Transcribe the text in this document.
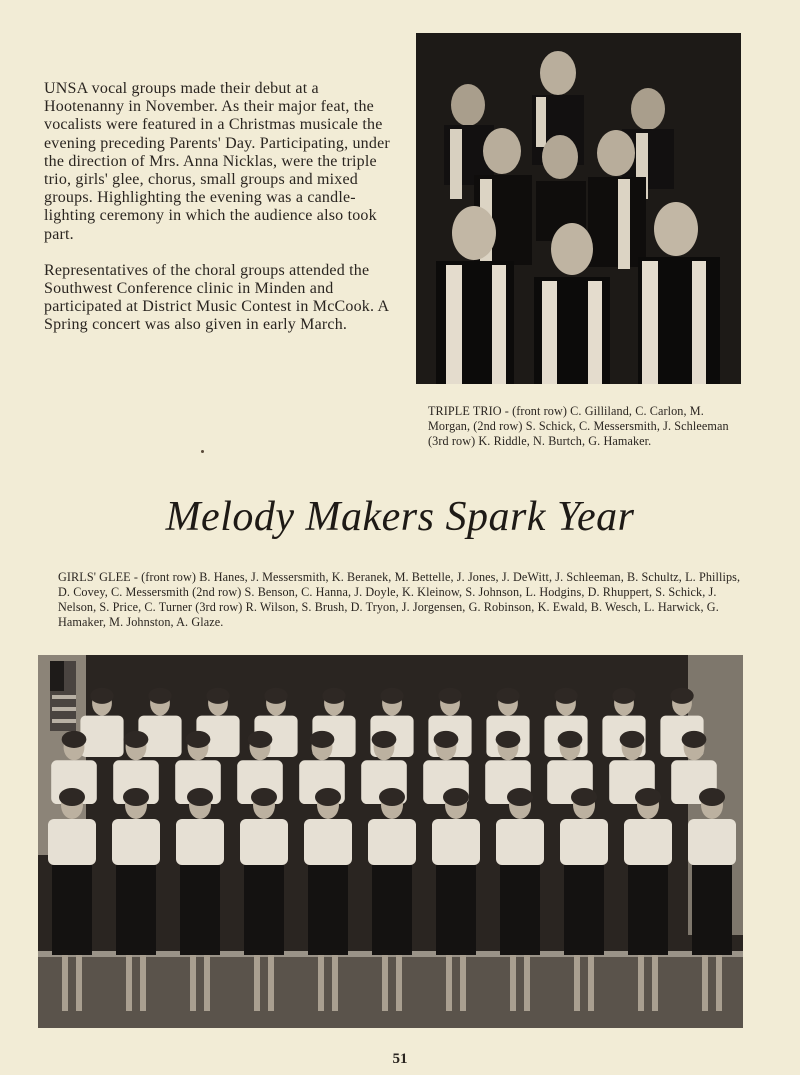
UNSA vocal groups made their debut at a Hootenanny in November. As their major feat, the vocalists were featured in a Christmas musicale the evening preceding Parents' Day. Participating, under the direction of Mrs. Anna Nicklas, were the triple trio, girls' glee, chorus, small groups and mixed groups. Highlighting the evening was a candle-lighting ceremony in which the audience also took part.

Representatives of the choral groups attended the Southwest Conference clinic in Minden and participated at District Music Contest in McCook. A Spring concert was also given in early March.

TRIPLE TRIO - (front row) C. Gilliland, C. Carlon, M. Morgan, (2nd row) S. Schick, C. Messersmith, J. Schleeman (3rd row) K. Riddle, N. Burtch, G. Hamaker.
Melody Makers Spark Year
GIRLS' GLEE - (front row) B. Hanes, J. Messersmith, K. Beranek, M. Bettelle, J. Jones, J. DeWitt, J. Schleeman, B. Schultz, L. Phillips, D. Covey, C. Messersmith (2nd row) S. Benson, C. Hanna, J. Doyle, K. Kleinow, S. Johnson, L. Hodgins, D. Rhuppert, S. Schick, J. Nelson, S. Price, C. Turner (3rd row) R. Wilson, S. Brush, D. Tryon, J. Jorgensen, G. Robinson, K. Ewald, B. Wesch, L. Harwick, G. Hamaker, M. Johnston, A. Glaze.
51
